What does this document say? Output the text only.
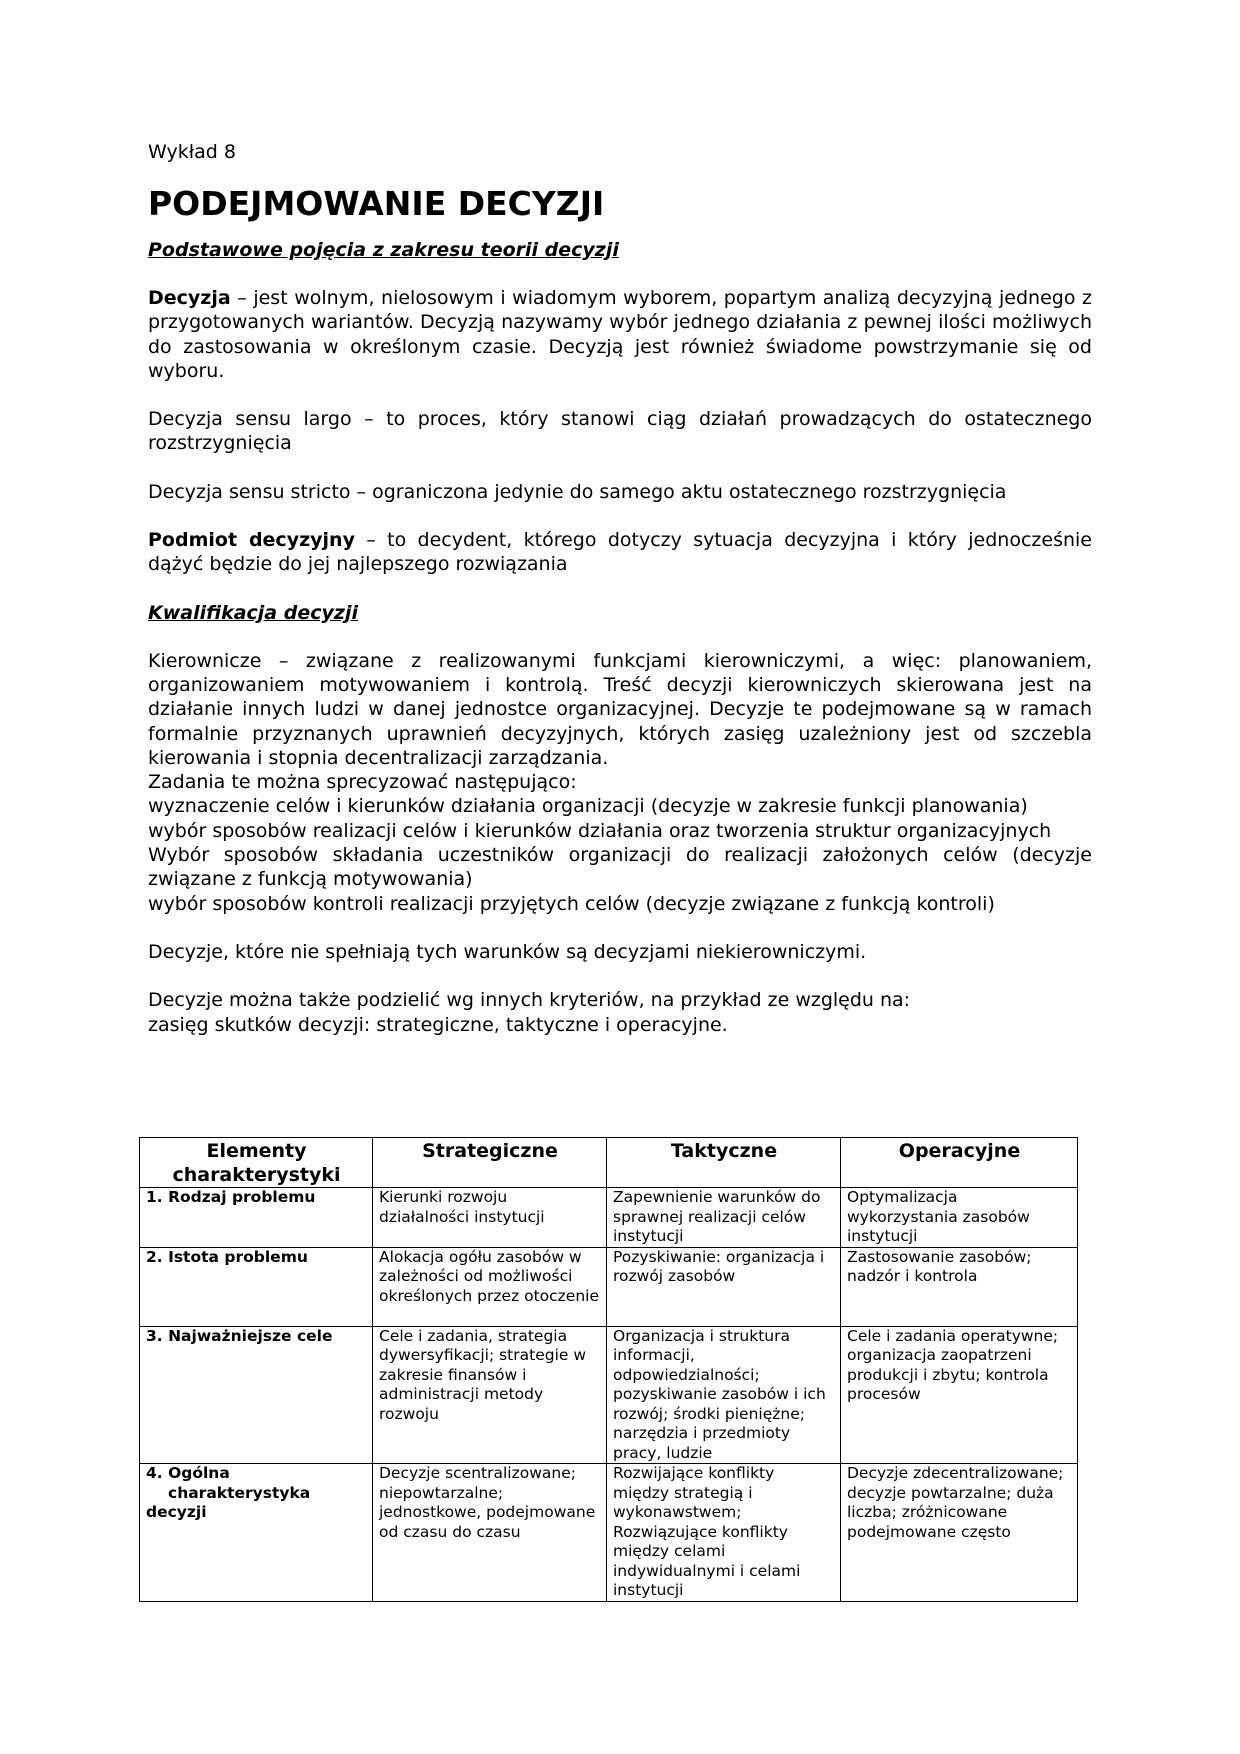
Wykład 8
PODEJMOWANIE DECYZJI
Podstawowe pojęcia z zakresu teorii decyzji
Decyzja – jest wolnym, nielosowym i wiadomym wyborem, popartym analizą decyzyjną jednego z przygotowanych wariantów. Decyzją nazywamy wybór jednego działania z pewnej ilości możliwych do zastosowania w określonym czasie. Decyzją jest również świadome powstrzymanie się od wyboru.
Decyzja sensu largo – to proces, który stanowi ciąg działań prowadzących do ostatecznego rozstrzygnięcia
Decyzja sensu stricto – ograniczona jedynie do samego aktu ostatecznego rozstrzygnięcia
Podmiot decyzyjny – to decydent, którego dotyczy sytuacja decyzyjna i który jednocześnie dążyć będzie do jej najlepszego rozwiązania
Kwalifikacja decyzji
Kierownicze – związane z realizowanymi funkcjami kierowniczymi, a więc: planowaniem, organizowaniem motywowaniem i kontrolą. Treść decyzji kierowniczych skierowana jest na działanie innych ludzi w danej jednostce organizacyjnej. Decyzje te podejmowane są w ramach formalnie przyznanych uprawnień decyzyjnych, których zasięg uzależniony jest od szczebla kierowania i stopnia decentralizacji zarządzania.
Zadania te można sprecyzować następująco:
wyznaczenie celów i kierunków działania organizacji (decyzje w zakresie funkcji planowania)
wybór sposobów realizacji celów i kierunków działania oraz tworzenia struktur organizacyjnych
Wybór sposobów składania uczestników organizacji do realizacji założonych celów (decyzje związane z funkcją motywowania)
wybór sposobów kontroli realizacji przyjętych celów (decyzje związane z funkcją kontroli)
Decyzje, które nie spełniają tych warunków są decyzjami niekierowniczymi.
Decyzje można także podzielić wg innych kryteriów, na przykład ze względu na:
zasięg skutków decyzji: strategiczne, taktyczne i operacyjne.
Elementy charakterystyki	Strategiczne	Taktyczne	Operacyjne
1. Rodzaj problemu	Kierunki rozwoju działalności instytucji	Zapewnienie warunków do sprawnej realizacji celów instytucji	Optymalizacja wykorzystania zasobów instytucji
2. Istota problemu	Alokacja ogółu zasobów w zależności od możliwości określonych przez otoczenie	Pozyskiwanie: organizacja i rozwój zasobów	Zastosowanie zasobów; nadzór i kontrola
3. Najważniejsze cele	Cele i zadania, strategia dywersyfikacji; strategie w zakresie finansów i administracji metody rozwoju	Organizacja i struktura informacji, odpowiedzialności; pozyskiwanie zasobów i ich rozwój; środki pieniężne; narzędzia i przedmioty pracy, ludzie	Cele i zadania operatywne; organizacja zaopatrzeni produkcji i zbytu; kontrola procesów
4. Ogólna
charakterystyka
decyzji	Decyzje scentralizowane; niepowtarzalne; jednostkowe, podejmowane od czasu do czasu	Rozwijające konflikty między strategią i wykonawstwem; Rozwiązujące konflikty między celami indywidualnymi i celami instytucji	Decyzje zdecentralizowane; decyzje powtarzalne; duża liczba; zróżnicowane podejmowane często
